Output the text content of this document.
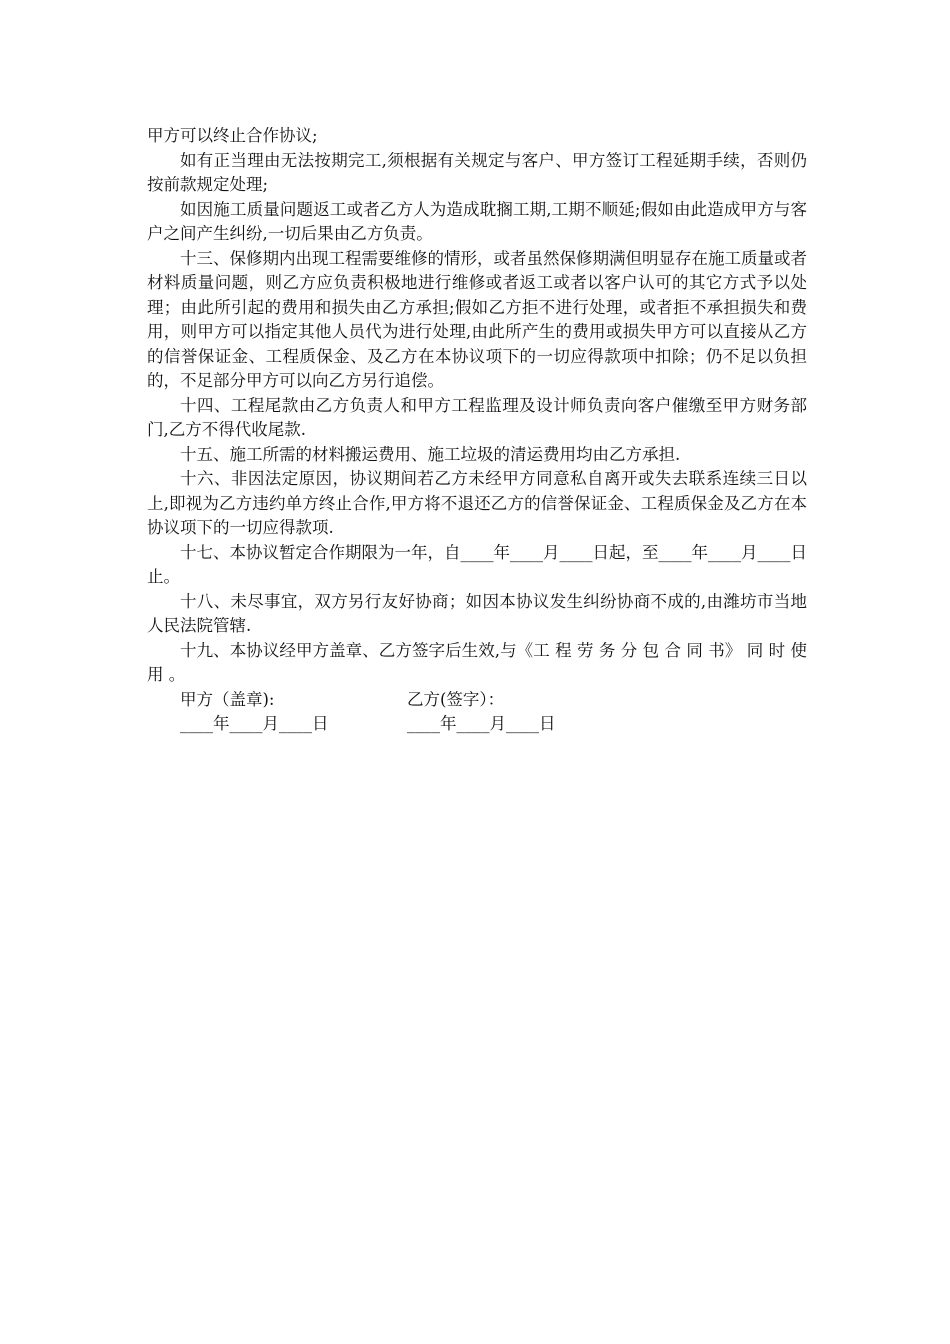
甲方可以终止合作协议;

如有正当理由无法按期完工,须根据有关规定与客户、甲方签订工程延期手续，否则仍按前款规定处理;

如因施工质量问题返工或者乙方人为造成耽搁工期,工期不顺延;假如由此造成甲方与客户之间产生纠纷,一切后果由乙方负责。

十三、保修期内出现工程需要维修的情形，或者虽然保修期满但明显存在施工质量或者材料质量问题，则乙方应负责积极地进行维修或者返工或者以客户认可的其它方式予以处理；由此所引起的费用和损失由乙方承担;假如乙方拒不进行处理，或者拒不承担损失和费用，则甲方可以指定其他人员代为进行处理,由此所产生的费用或损失甲方可以直接从乙方的信誉保证金、工程质保金、及乙方在本协议项下的一切应得款项中扣除；仍不足以负担的，不足部分甲方可以向乙方另行追偿。

十四、工程尾款由乙方负责人和甲方工程监理及设计师负责向客户催缴至甲方财务部门,乙方不得代收尾款.

十五、施工所需的材料搬运费用、施工垃圾的清运费用均由乙方承担.

十六、非因法定原因，协议期间若乙方未经甲方同意私自离开或失去联系连续三日以上,即视为乙方违约单方终止合作,甲方将不退还乙方的信誉保证金、工程质保金及乙方在本协议项下的一切应得款项.

十七、本协议暂定合作期限为一年，自____年____月____日起，至____年____月____日止。

十八、未尽事宜，双方另行友好协商；如因本协议发生纠纷协商不成的,由潍坊市当地人民法院管辖.

十九、本协议经甲方盖章、乙方签字后生效,与《工 程 劳 务 分 包 合 同 书》 同 时 使 用 。

甲方（盖章):	乙方(签字）：
____年____月____日	____年____月____日
